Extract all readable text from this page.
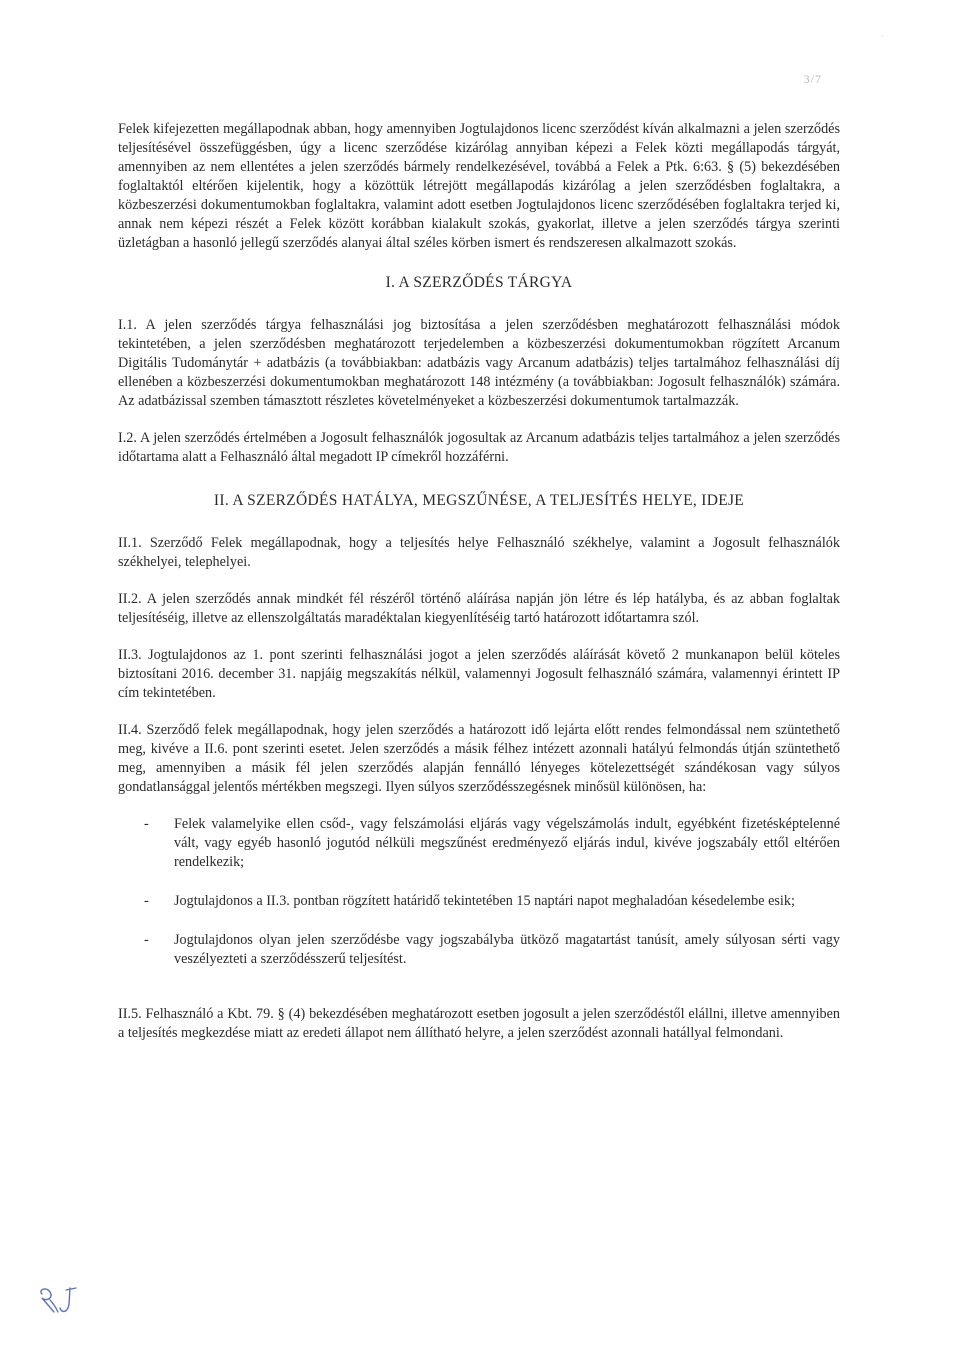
·
3/7

Felek kifejezetten megállapodnak abban, hogy amennyiben Jogtulajdonos licenc szerződést kíván alkalmazni a jelen szerződés teljesítésével összefüggésben, úgy a licenc szerződése kizárólag annyiban képezi a Felek közti megállapodás tárgyát, amennyiben az nem ellentétes a jelen szerződés bármely rendelkezésével, továbbá a Felek a Ptk. 6:63. § (5) bekezdésében foglaltaktól eltérően kijelentik, hogy a közöttük létrejött megállapodás kizárólag a jelen szerződésben foglaltakra, a közbeszerzési dokumentumokban foglaltakra, valamint adott esetben Jogtulajdonos licenc szerződésében foglaltakra terjed ki, annak nem képezi részét a Felek között korábban kialakult szokás, gyakorlat, illetve a jelen szerződés tárgya szerinti üzletágban a hasonló jellegű szerződés alanyai által széles körben ismert és rendszeresen alkalmazott szokás.

I. A SZERZŐDÉS TÁRGYA

I.1. A jelen szerződés tárgya felhasználási jog biztosítása a jelen szerződésben meghatározott felhasználási módok tekintetében, a jelen szerződésben meghatározott terjedelemben a közbeszerzési dokumentumokban rögzített Arcanum Digitális Tudománytár + adatbázis (a továbbiakban: adatbázis vagy Arcanum adatbázis) teljes tartalmához felhasználási díj ellenében a közbeszerzési dokumentumokban meghatározott 148 intézmény (a továbbiakban: Jogosult felhasználók) számára. Az adatbázissal szemben támasztott részletes követelményeket a közbeszerzési dokumentumok tartalmazzák.

I.2. A jelen szerződés értelmében a Jogosult felhasználók jogosultak az Arcanum adatbázis teljes tartalmához a jelen szerződés időtartama alatt a Felhasználó által megadott IP címekről hozzáférni.

II. A SZERZŐDÉS HATÁLYA, MEGSZŰNÉSE, A TELJESÍTÉS HELYE, IDEJE

II.1. Szerződő Felek megállapodnak, hogy a teljesítés helye Felhasználó székhelye, valamint a Jogosult felhasználók székhelyei, telephelyei.

II.2. A jelen szerződés annak mindkét fél részéről történő aláírása napján jön létre és lép hatályba, és az abban foglaltak teljesítéséig, illetve az ellenszolgáltatás maradéktalan kiegyenlítéséig tartó határozott időtartamra szól.

II.3. Jogtulajdonos az 1. pont szerinti felhasználási jogot a jelen szerződés aláírását követő 2 munkanapon belül köteles biztosítani 2016. december 31. napjáig megszakítás nélkül, valamennyi Jogosult felhasználó számára, valamennyi érintett IP cím tekintetében.

II.4. Szerződő felek megállapodnak, hogy jelen szerződés a határozott idő lejárta előtt rendes felmondással nem szüntethető meg, kivéve a II.6. pont szerinti esetet. Jelen szerződés a másik félhez intézett azonnali hatályú felmondás útján szüntethető meg, amennyiben a másik fél jelen szerződés alapján fennálló lényeges kötelezettségét szándékosan vagy súlyos gondatlansággal jelentős mértékben megszegi. Ilyen súlyos szerződésszegésnek minősül különösen, ha:

- Felek valamelyike ellen csőd-, vagy felszámolási eljárás vagy végelszámolás indult, egyébként fizetésképtelenné vált, vagy egyéb hasonló jogutód nélküli megszűnést eredményező eljárás indul, kivéve jogszabály ettől eltérően rendelkezik;
- Jogtulajdonos a II.3. pontban rögzített határidő tekintetében 15 naptári napot meghaladóan késedelembe esik;
- Jogtulajdonos olyan jelen szerződésbe vagy jogszabályba ütköző magatartást tanúsít, amely súlyosan sérti vagy veszélyezteti a szerződésszerű teljesítést.

II.5. Felhasználó a Kbt. 79. § (4) bekezdésében meghatározott esetben jogosult a jelen szerződéstől elállni, illetve amennyiben a teljesítés megkezdése miatt az eredeti állapot nem állítható helyre, a jelen szerződést azonnali hatállyal felmondani.
